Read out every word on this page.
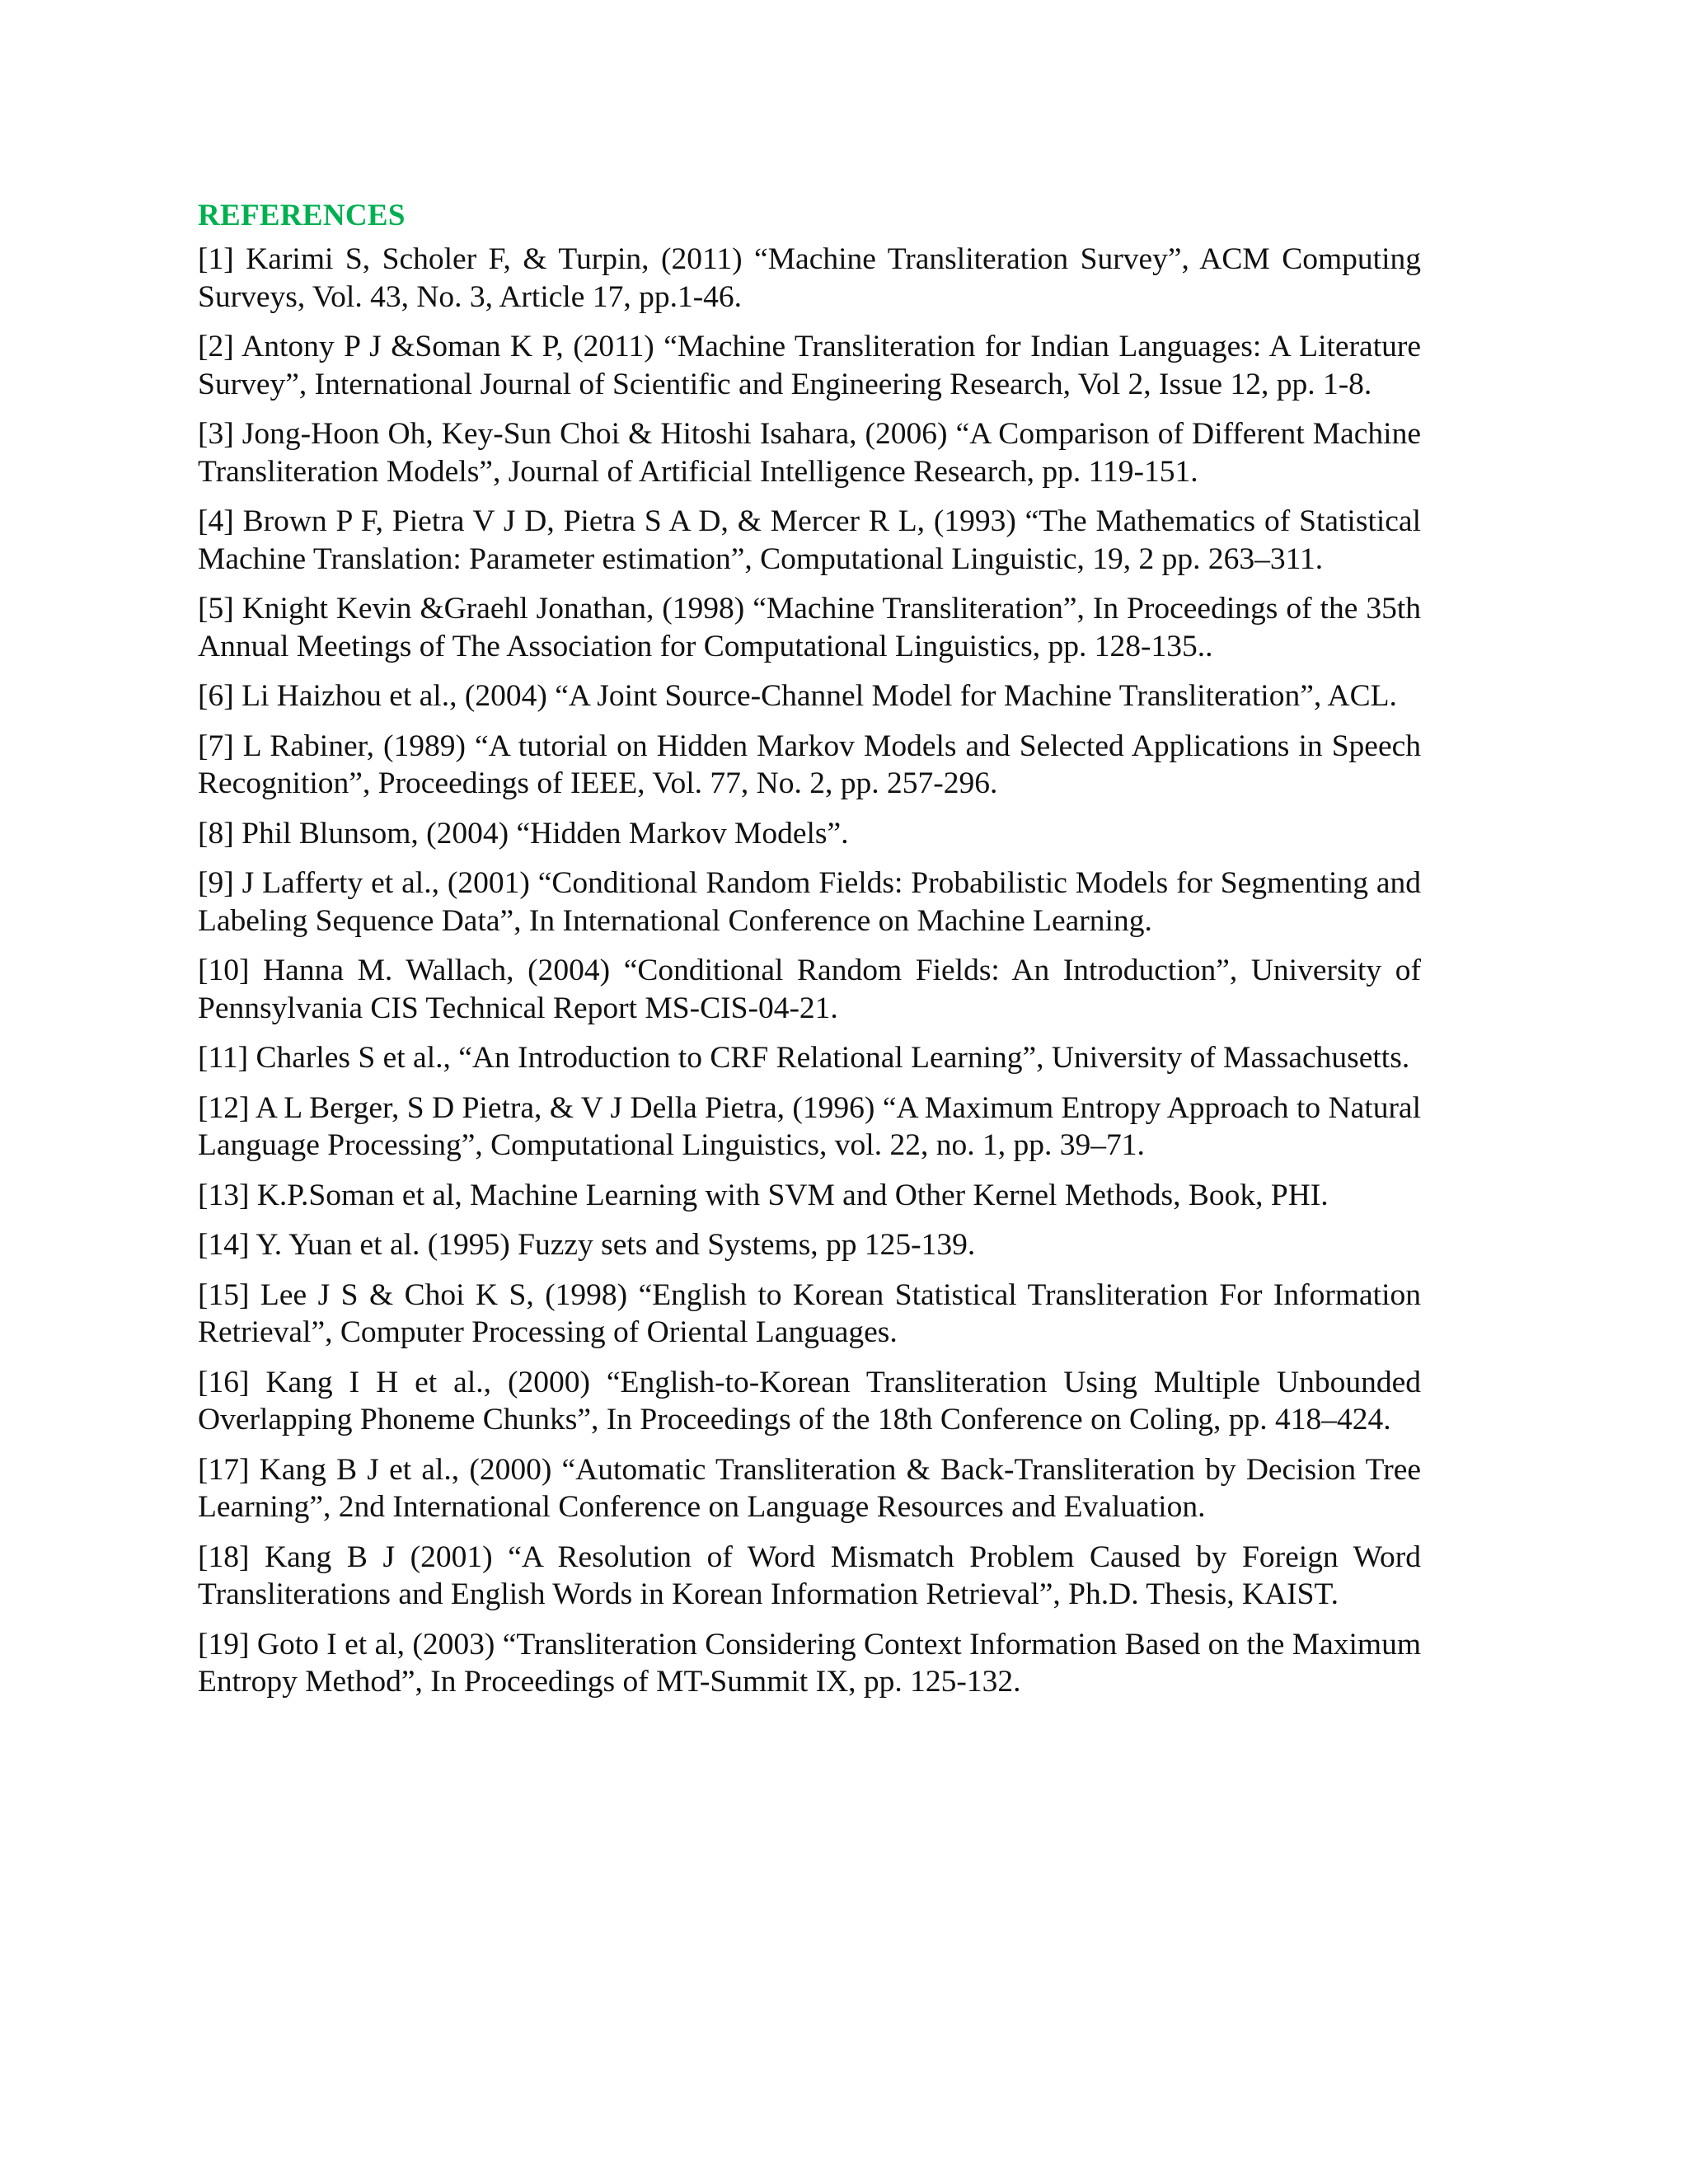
REFERENCES
[1] Karimi S, Scholer F, & Turpin, (2011) “Machine Transliteration Survey”, ACM Computing Surveys, Vol. 43, No. 3, Article 17, pp.1-46.
[2] Antony P J &Soman K P, (2011) “Machine Transliteration for Indian Languages: A Literature Survey”, International Journal of Scientific and Engineering Research, Vol 2, Issue 12, pp. 1-8.
[3] Jong-Hoon Oh, Key-Sun Choi & Hitoshi Isahara, (2006) “A Comparison of Different Machine Transliteration Models”, Journal of Artificial Intelligence Research, pp. 119-151.
[4] Brown P F, Pietra V J D, Pietra S A D, & Mercer R L, (1993) “The Mathematics of Statistical Machine Translation: Parameter estimation”, Computational Linguistic, 19, 2 pp. 263–311.
[5] Knight Kevin &Graehl Jonathan, (1998) “Machine Transliteration”, In Proceedings of the 35th Annual Meetings of The Association for Computational Linguistics, pp. 128-135..
[6] Li Haizhou et al., (2004) “A Joint Source-Channel Model for Machine Transliteration”, ACL.
[7] L Rabiner, (1989) “A tutorial on Hidden Markov Models and Selected Applications in Speech Recognition”, Proceedings of IEEE, Vol. 77, No. 2, pp. 257-296.
[8] Phil Blunsom, (2004) “Hidden Markov Models”.
[9] J Lafferty et al., (2001) “Conditional Random Fields: Probabilistic Models for Segmenting and Labeling Sequence Data”, In International Conference on Machine Learning.
[10] Hanna M. Wallach, (2004) “Conditional Random Fields: An Introduction”, University of Pennsylvania CIS Technical Report MS-CIS-04-21.
[11] Charles S et al., “An Introduction to CRF Relational Learning”, University of Massachusetts.
[12] A L Berger, S D Pietra, & V J Della Pietra, (1996) “A Maximum Entropy Approach to Natural Language Processing”, Computational Linguistics, vol. 22, no. 1, pp. 39–71.
[13] K.P.Soman et al, Machine Learning with SVM and Other Kernel Methods, Book, PHI.
[14] Y. Yuan et al. (1995) Fuzzy sets and Systems, pp 125-139.
[15] Lee J S & Choi K S, (1998) “English to Korean Statistical Transliteration For Information Retrieval”, Computer Processing of Oriental Languages.
[16] Kang I H et al., (2000) “English-to-Korean Transliteration Using Multiple Unbounded Overlapping Phoneme Chunks”, In Proceedings of the 18th Conference on Coling, pp. 418–424.
[17] Kang B J et al., (2000) “Automatic Transliteration & Back-Transliteration by Decision Tree Learning”, 2nd International Conference on Language Resources and Evaluation.
[18] Kang B J (2001) “A Resolution of Word Mismatch Problem Caused by Foreign Word Transliterations and English Words in Korean Information Retrieval”, Ph.D. Thesis, KAIST.
[19] Goto I et al, (2003) “Transliteration Considering Context Information Based on the Maximum Entropy Method”, In Proceedings of MT-Summit IX, pp. 125-132.
